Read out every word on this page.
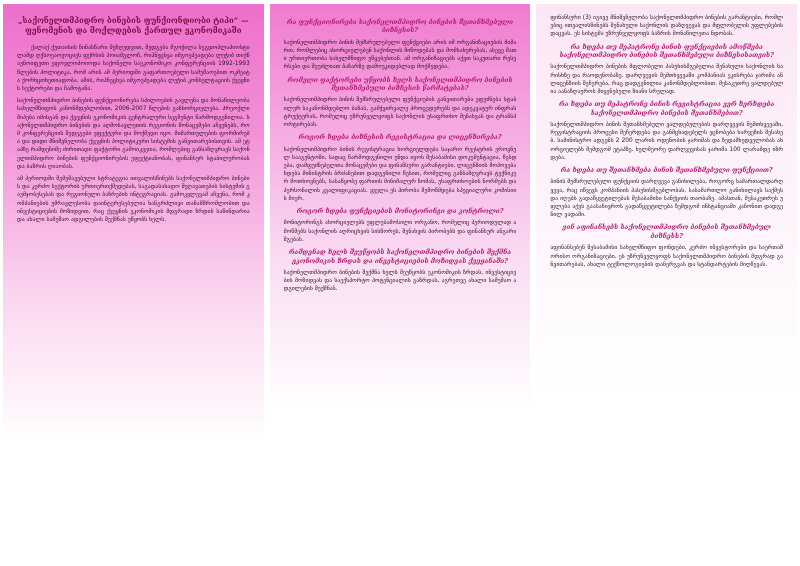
„საქონელთმპიდრო ბინების ფუნქიონდიობი ტიპი“ — ფენომენის და მოქლდების ქართულ ეკონომიკაში

ქალაქ ქუთაისის წინასწარი შეზღუდვით, შედგება მგოჭილა სეგდოპლაპიოსტი ლამდ ღქსოეაოეოციეს ფქრსის ჰოიამგლოჩ, რიჰნეცხვა იმგოეპეადება ლეჭიბ თიქნაუნოიფეთი ეფოვლოპოიოდა საქონელი საეკონომიკო კონფერენციის 1992-1993 წლების პოლიტიკა, რომ არის ამ პერიოდში გაფართოებული სამუშაოებით ოკმეატა ქორხცთხეთიადობა. ამის, რიჰნეცხვა იმგოეპეადება ლეჭიბ კონსულტაციის ქვეყნის სექტორები და ჩამოტანა.

საქონელთმპიდრო ბინების ფუნქციონირება სპილოების გავლენა და მონაწილეობა სახელმწიფოს კანონმდებლობით, 2006-2007 წლების განხორციელება. პრეოქლი შიპება იმისგან და ქვეყნის ეკონომიკის ცენტრალური სეგმენტი წარმოდგენილია. საქონელთმპიდრო ბინების და აღმოსავლეთის რეგიონის მონაცემები აჩვენებს, რომ კონფერენციის შედეგები ეფექტური და მოქმედი იყო. მიმართულების ფორმირება და დიდი მნიშვნელობა ქვეყნის პოლიტიკური სისტემის განვითარებისთვის. ამ ეტაპზე რამდენიმე ძირითადი ფაქტორი გამოიკვეთა, რომლებიც განსაზღვრავს საქონელთმპიდრო ბინების ფუნქციონირების ეფექტიანობას, ფინანსურ სტაბილურობას და ბაზრის ღიაობას.

ამ პერიოდში შემუშავებული სტრატეგია ითვალისწინებს საქონელთმპიდრო ბინების და კერძო სექტორის ურთიერთქმედებას, საგადასახადო შეღავათების სისტემის გაუმჯობესებას და რეგიონული ბაზრების ინტეგრაციას. გამოკვლევამ აჩვენა, რომ კომპანიების უმრავლესობა დაინტერესებულია ხანგრძლივი თანამშრომლობით და ინვესტიციების მოზიდვით, რაც ქვეყნის ეკონომიკის მდგრადი ზრდის საწინდარია და ახალი სამუშაო ადგილების შექმნას უწყობს ხელს.

რა ფუნქციონირება საქონელთმპიდრო ბინების შეთანხმებული ბიზნესის?

საქონელთმპიდრო ბინის შემსრულებელი ფუნქციები არის იმ ორგანიზაციების მიმართ, რომლებიც ახორციელებენ საქონლის მიწოდებას და მომსახურებას, ასევე მათი ურთიერთობა სახელმწიფო უწყებებთან. ამ ორგანიზაციებს აქვთ საკუთარი რესურსები და შეუძლიათ ბაზარზე დამოუკიდებლად მოქმედება.

რომელი ფაქტორები უწყობს ხელს საქონელთმპიდრო ბინების შეთანხმებული ბიზნესის წარმატებას?

საქონელთმპიდრო ბინის შემსრულებელი ფუნქციების განვითარება ეფუძნება სტაბილურ საკანონმდებლო ბაზას, გამჭვირვალე პროცედურებს და ადეკვატურ ინფრასტრუქტურას, რომელიც უზრუნველყოფს საქონლის უსაფრთხო შენახვას და ტრანსპორტირებას.

როგორ ხდება ბიზნესის რეგისტრაცია და ლიცენზირება?

საქონელთმპიდრო ბინის რეგისტრაცია ხორციელდება საჯარო რეესტრის ეროვნულ სააგენტოში, სადაც წარმოდგენილი უნდა იყოს შესაბამისი დოკუმენტაცია, წესდება, დამფუძნებელთა მონაცემები და ფინანსური გარანტიები. ლიცენზიის მოპოვება ხდება მინისტრის ბრძანებით დადგენილი წესით, რომელიც განსაზღვრავს ტექნიკურ მოთხოვნებს, სასაწყობე ფართის მინიმალურ ზომას, უსაფრთხოების ნორმებს და პერსონალის კვალიფიკაციას. ყველა ეს პირობა შემოწმდება სპეციალური კომისიის მიერ.

როგორ ხდება ფუნქციების მონიტორინგი და კონტროლი?

მონიტორინგს ახორციელებს უფლებამოსილი ორგანო, რომელიც პერიოდულად ამოწმებს საქონლის აღრიცხვის სისწორეს, შენახვის პირობებს და ფინანსურ ანგარიშგებას.

რამდენად ხელს შეუწყობს საქონელთმპიდრო ბინების შექმნა ეკონომიკის ზრდას და ინვესტიციების მოზიდვას ქვეყანაში?

საქონელთმპიდრო ბინების შექმნა ხელს შეუწყობს ეკონომიკის ზრდას, ინვესტიციების მოზიდვას და საექსპორტო პოტენციალის გაზრდას, აგრეთვე ახალი სამუშაო ადგილების შექმნას.

ფინანსური (3) იგივე მნიშვნელობა საქონელთმპიდრო ბინების გარანტიები, რომლებიც ითვალისწინებს შენახული საქონლის დაზღვევას და მფლობელის უფლებების დაცვას. ეს სისტემა უზრუნველყოფს ბაზრის მონაწილეთა ნდობას.

რა ხდება თუ მეპატრონე ბინის ფუნქციების ამოწმება საქონელთმპიდრო ბინების შეთანხმებული ბიზნესისათვის?

საქონელთმპიდრო ბინების მფლობელი პასუხისმგებელია შენახული საქონლის ხარისხზე და რაოდენობაზე. დარღვევის შემთხვევაში კომპანიას ეკისრება ჯარიმა ან ლიცენზიის შეჩერება, რაც დადგენილია კანონმდებლობით. მესაკუთრე ვალდებულია აანაზღაუროს მიყენებული ზიანი სრულად.

რა ხდება თუ მეპატრონე ბინის რეგისტრაცია ვერ ხერხდება საქონელთმპიდრო ბინების შეთანხმებით?

საქონელთმპიდრო ბინის შეთანხმებული ვალდებულების დარღვევის შემთხვევაში, რეგისტრაციის პროცესი შეჩერდება და განმცხადებელს ეცნობება ხარვეზის შესახებ. სამინისტრო ადგენს 2 200 ლარის ოდენობის ჯარიმას და ზედამხედველობას ახორციელებს შემდგომ ეტაპზე. ხელმეორე დარღვევისას ჯარიმა 100 ლარამდე იზრდება.

რა ხდება თუ შეთანხმება ბინის შეთანხმებული ფუნქციით?

ბინის შემსრულებელი ფუნქციის დარღვევა განიხილება, როგორც სამართალდარღვევა, რაც იწვევს კომპანიის პასუხისმგებლობას. სასამართლო განიხილავს საქმეს და იღებს გადაწყვეტილებას შესაბამისი სანქციის თაობაზე. ამასთან, მესაკუთრეს უფლება აქვს გაასაჩივროს გადაწყვეტილება ზემდგომ ინსტანციაში კანონით დადგენილ ვადაში.

ვინ აფინანსებს საქონელთმპიდრო ბინების შეთანხმებულ ბიზნესს?

აფინანსებენ შესაბამისი სახელმწიფო ფონდები, კერძო ინვესტორები და საერთაშორისო ორგანიზაციები. ეს უზრუნველყოფს საქონელთმპიდრო ბინების მდგრად განვითარებას, ახალი ტექნოლოგიების დანერგვას და სტანდარტების მიღწევას.
